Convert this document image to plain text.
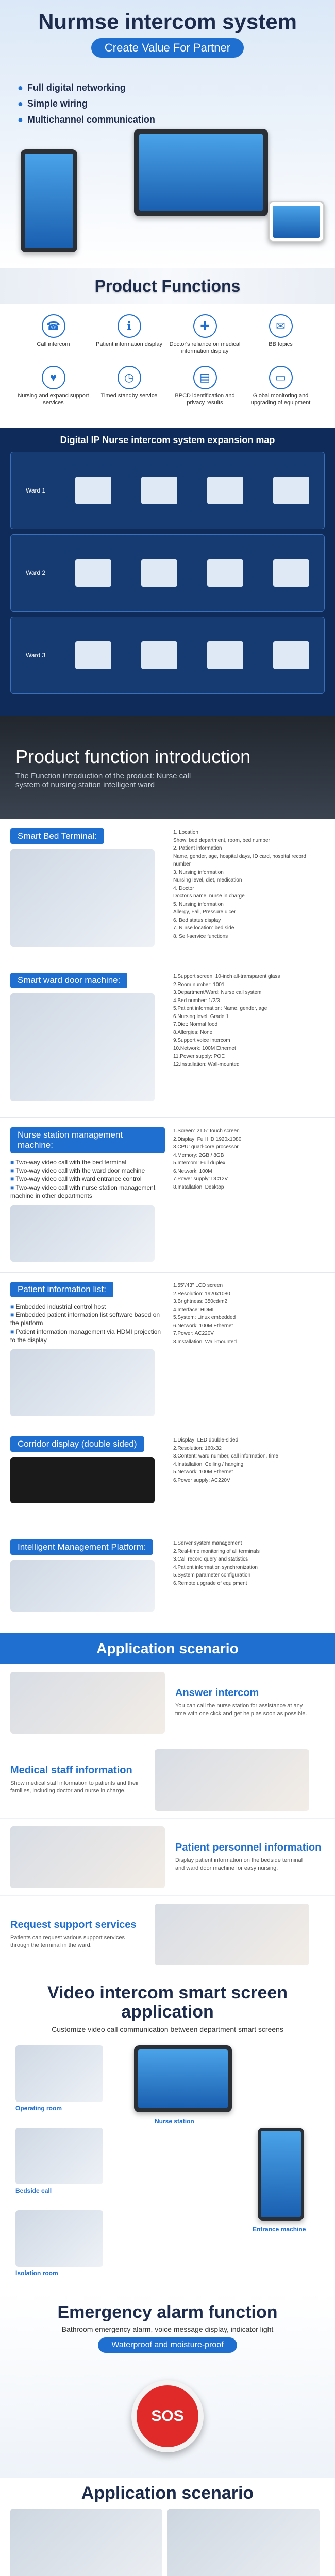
Nurmse intercom system
Create Value For Partner
● Full digital networking
● Simple wiring
● Multichannel communication
Product Functions
☎

Call intercom

ℹ

Patient information display

✚

Doctor's reliance on medical information display

✉

BB topics

♥

Nursing and expand support services

◷

Timed standby service

▤

BPCD identification and privacy results

▭

Global monitoring and upgrading of equipment

Digital IP Nurse intercom system expansion map
Ward 1
Ward 2
Ward 3
Product function introduction

The Function introduction of the product: Nurse call system of nursing station intelligent ward

Smart Bed Terminal:	1. Location
Show: bed department, room, bed number
2. Patient information
Name, gender, age, hospital days, ID card, hospital record number
3. Nursing information
Nursing level, diet, medication
4. Doctor
Doctor's name, nurse in charge
5. Nursing information
Allergy, Fall, Pressure ulcer
6. Bed status display
7. Nurse location: bed side
8. Self-service functions
Smart ward door machine:	1.Support screen: 10-inch all-transparent glass
2.Room number: 1001
3.Department/Ward: Nurse call system
4.Bed number: 1/2/3
5.Patient information: Name, gender, age
6.Nursing level: Grade 1
7.Diet: Normal food
8.Allergies: None
9.Support voice intercom
10.Network: 100M Ethernet
11.Power supply: POE
12.Installation: Wall-mounted
Nurse station management machine:
■ Two-way video call with the bed terminal
■ Two-way video call with the ward door machine
■ Two-way video call with ward entrance control
■ Two-way video call with nurse station management machine in other departments
1.Screen: 21.5" touch screen
2.Display: Full HD 1920x1080
3.CPU: quad-core processor
4.Memory: 2GB / 8GB
5.Intercom: Full duplex
6.Network: 100M
7.Power supply: DC12V
8.Installation: Desktop
Patient information list:
■ Embedded industrial control host
■ Embedded patient information list software based on the platform
■ Patient information management via HDMI projection to the display
1.55"/43" LCD screen
2.Resolution: 1920x1080
3.Brightness: 350cd/m2
4.Interface: HDMI
5.System: Linux embedded
6.Network: 100M Ethernet
7.Power: AC220V
8.Installation: Wall-mounted
Corridor display (double sided)	1.Display: LED double-sided
2.Resolution: 160x32
3.Content: ward number, call information, time
4.Installation: Ceiling / hanging
5.Network: 100M Ethernet
6.Power supply: AC220V
Intelligent Management Platform:	1.Server system management
2.Real-time monitoring of all terminals
3.Call record query and statistics
4.Patient information synchronization
5.System parameter configuration
6.Remote upgrade of equipment
Application scenario
Answer intercom

You can call the nurse station for assistance at any time with one click and get help as soon as possible.

Medical staff information

Show medical staff information to patients and their families, including doctor and nurse in charge.

Patient personnel information

Display patient information on the bedside terminal and ward door machine for easy nursing.

Request support services

Patients can request various support services through the terminal in the ward.

Video intercom smart screen application

Customize video call communication between department smart screens

Operating room
Nurse station
Bedside call
Entrance machine
Isolation room
Emergency alarm function

Bathroom emergency alarm, voice message display, indicator light

Waterproof and moisture-proof
SOS
Application scenario
